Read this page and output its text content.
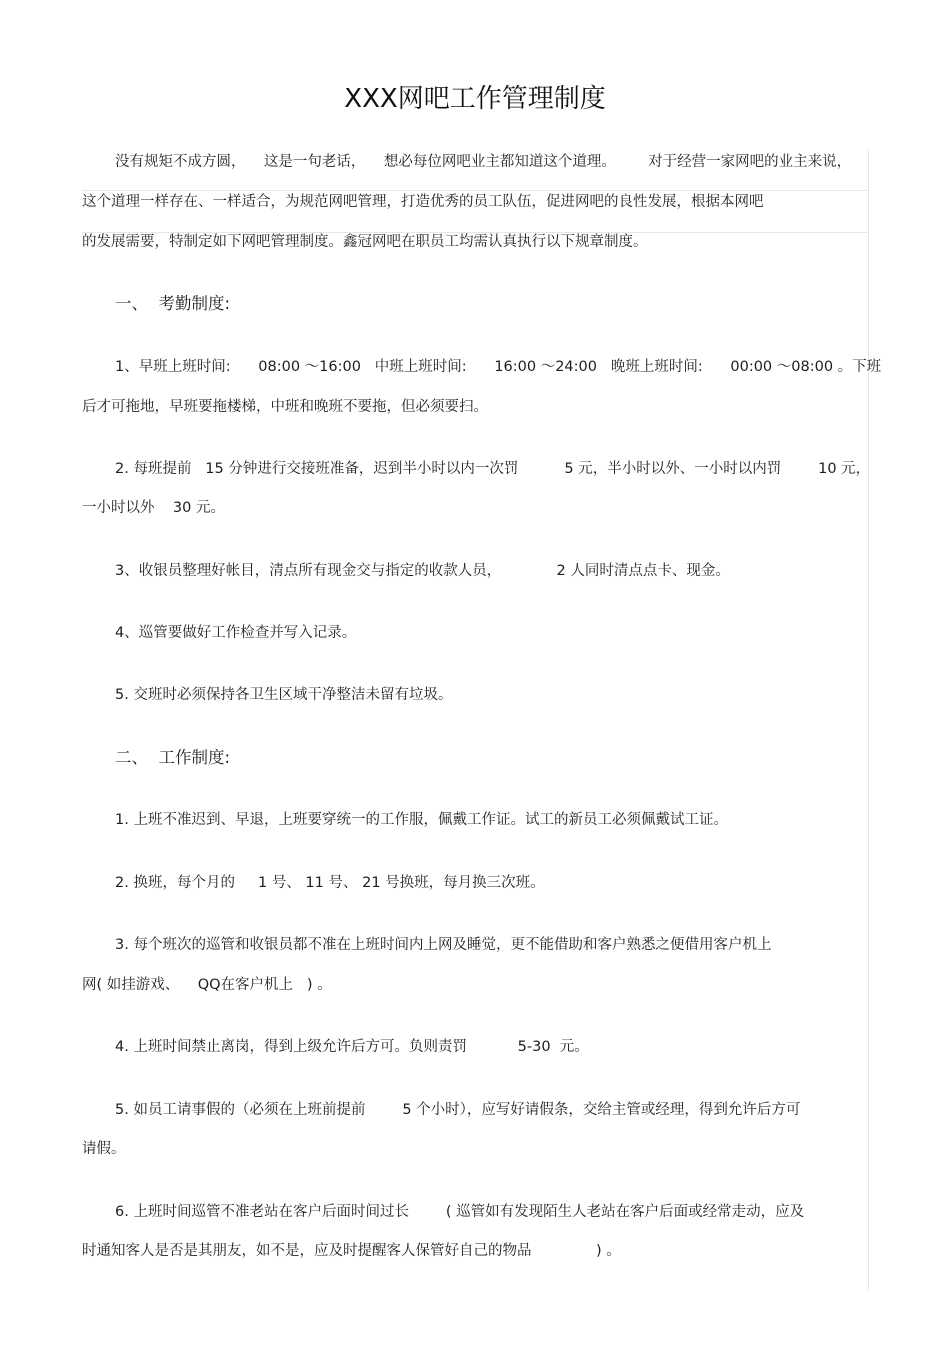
XXX网吧工作管理制度
没有规矩不成方圆，    这是一句老话，    想必每位网吧业主都知道这个道理。       对于经营一家网吧的业主来说，
这个道理一样存在、一样适合，为规范网吧管理，打造优秀的员工队伍，促进网吧的良性发展，根据本网吧
的发展需要，特制定如下网吧管理制度。鑫冠网吧在职员工均需认真执行以下规章制度。
一、  考勤制度:
1、早班上班时间:      08:00 ～16:00   中班上班时间:      16:00 ～24:00   晚班上班时间:      00:00 ～08:00 。下班
后才可拖地，早班要拖楼梯，中班和晚班不要拖，但必须要扫。
2. 每班提前   15 分钟进行交接班准备，迟到半小时以内一次罚          5 元，半小时以外、一小时以内罚        10 元，
一小时以外    30 元。
3、收银员整理好帐目，清点所有现金交与指定的收款人员，            2 人同时清点点卡、现金。
4、巡管要做好工作检查并写入记录。
5. 交班时必须保持各卫生区域干净整洁未留有垃圾。
二、  工作制度:
1. 上班不准迟到、早退，上班要穿统一的工作服，佩戴工作证。试工的新员工必须佩戴试工证。
2. 换班，每个月的     1 号、 11 号、 21 号换班，每月换三次班。
3. 每个班次的巡管和收银员都不准在上班时间内上网及睡觉，更不能借助和客户熟悉之便借用客户机上
网( 如挂游戏、    QQ在客户机上   ) 。
4. 上班时间禁止离岗，得到上级允许后方可。负则责罚           5-30  元。
5. 如员工请事假的（必须在上班前提前        5 个小时），应写好请假条，交给主管或经理，得到允许后方可
请假。
6. 上班时间巡管不准老站在客户后面时间过长        ( 巡管如有发现陌生人老站在客户后面或经常走动，应及
时通知客人是否是其朋友，如不是，应及时提醒客人保管好自己的物品              ) 。
